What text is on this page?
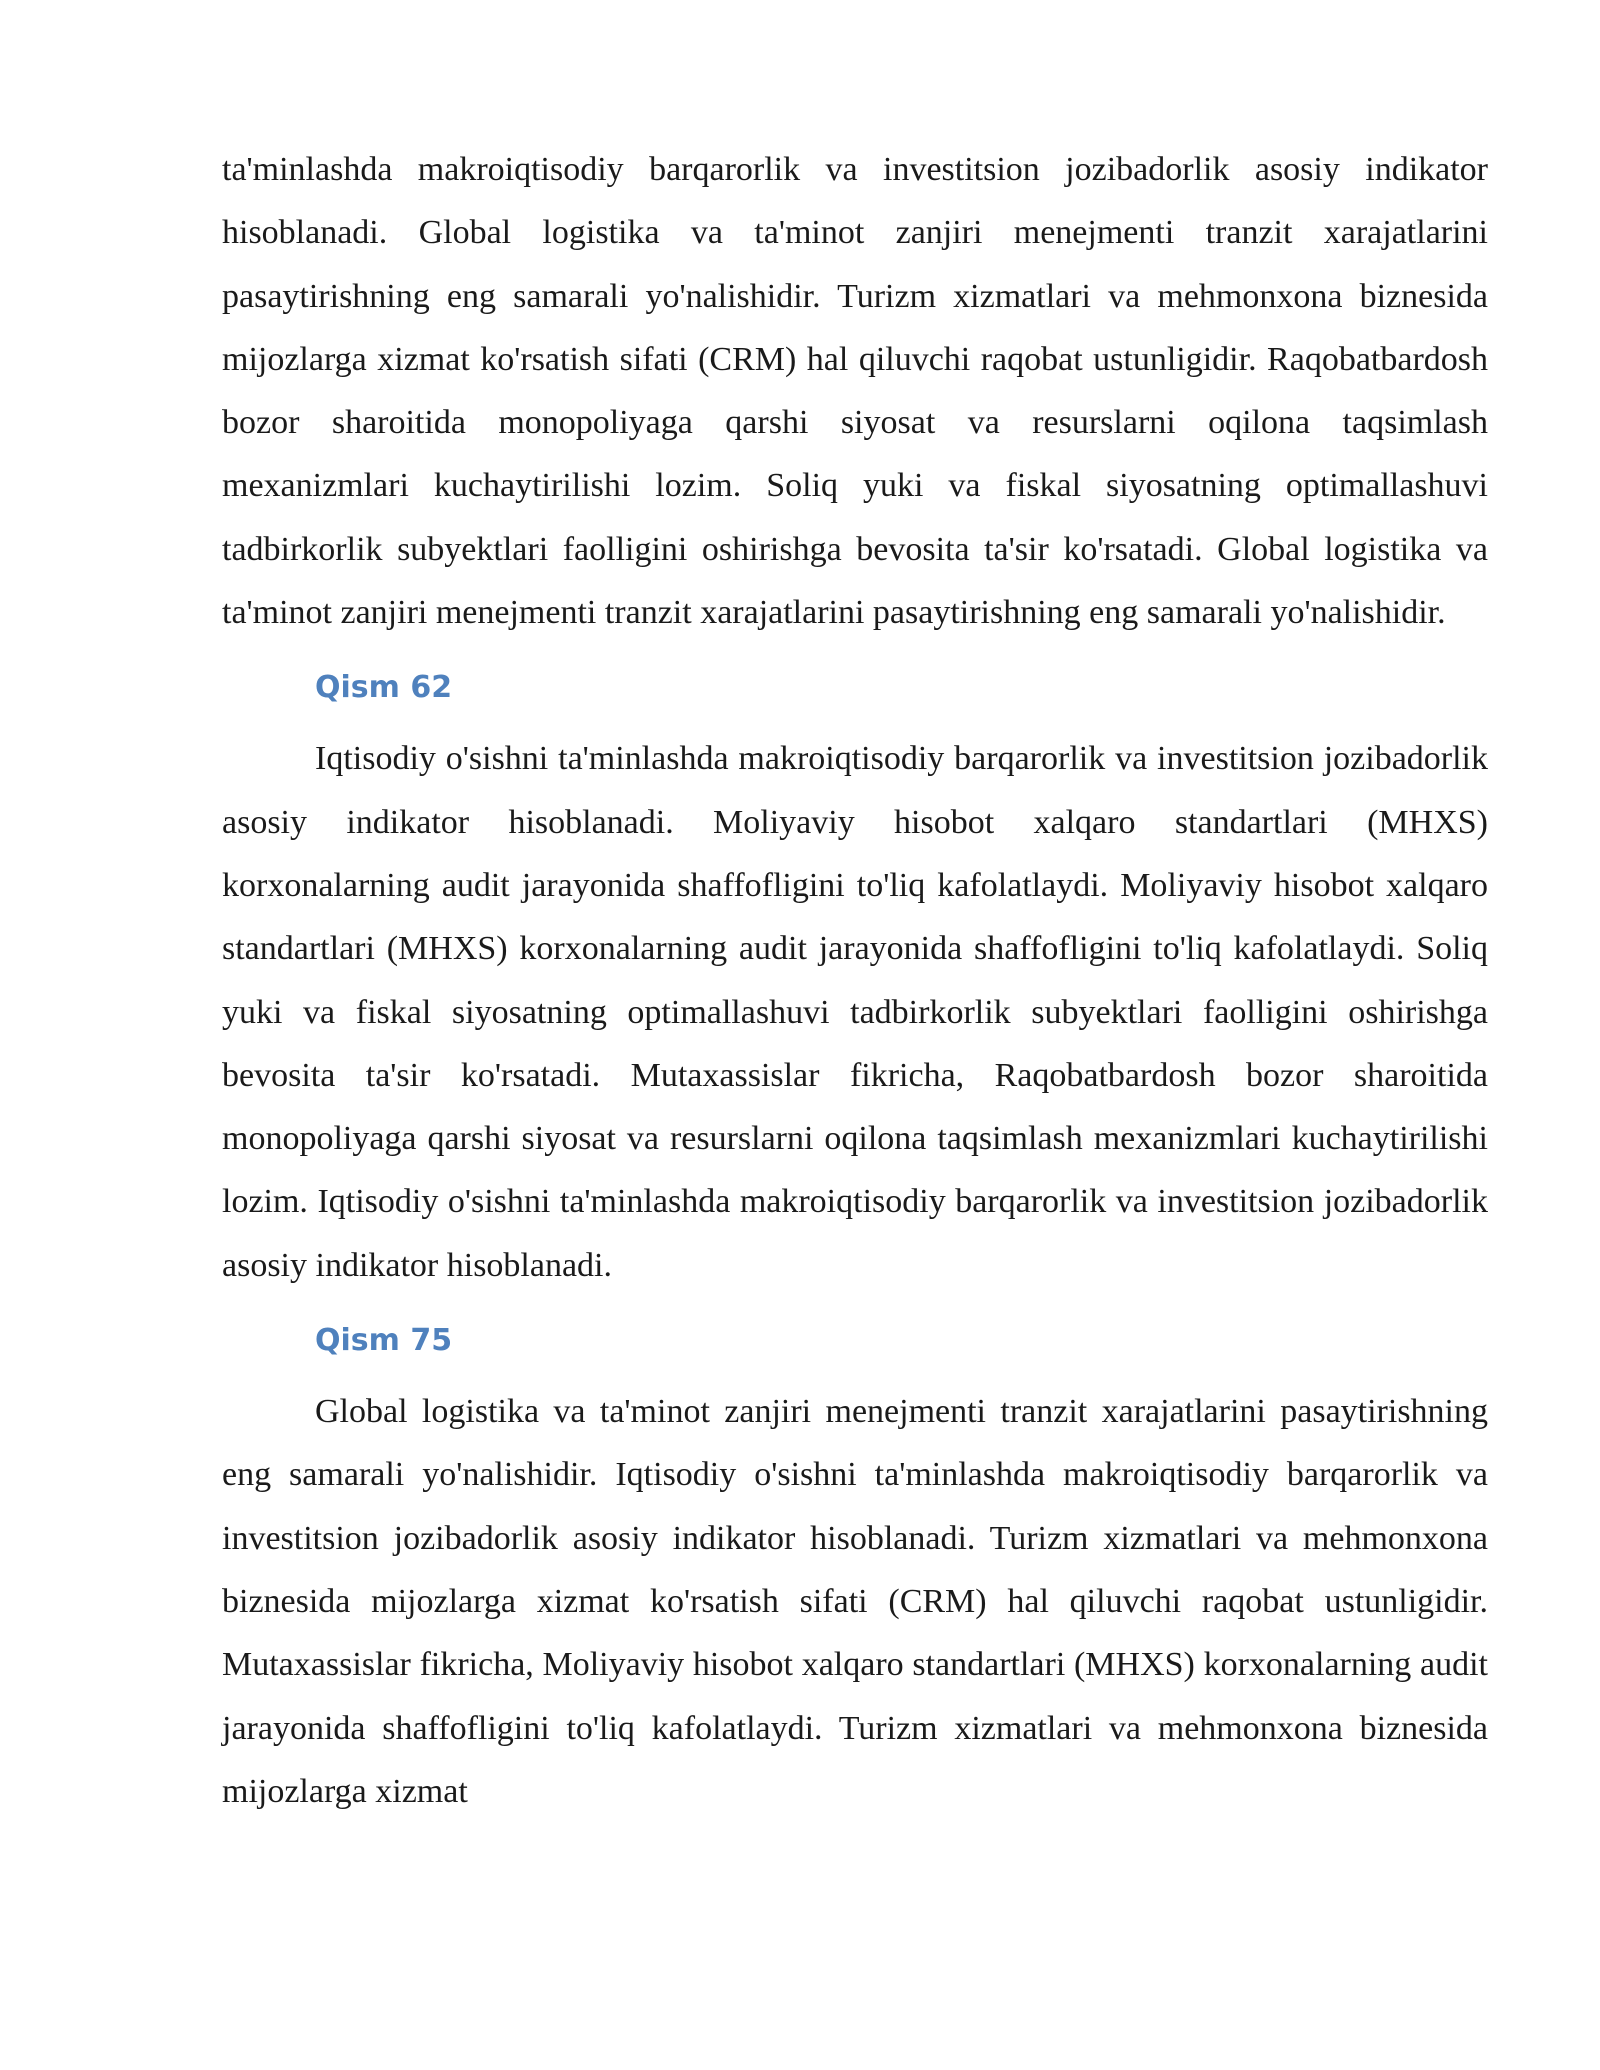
ta'minlashda makroiqtisodiy barqarorlik va investitsion jozibadorlik asosiy indikator hisoblanadi. Global logistika va ta'minot zanjiri menejmenti tranzit xarajatlarini pasaytirishning eng samarali yo'nalishidir. Turizm xizmatlari va mehmonxona biznesida mijozlarga xizmat ko'rsatish sifati (CRM) hal qiluvchi raqobat ustunligidir. Raqobatbardosh bozor sharoitida monopoliyaga qarshi siyosat va resurslarni oqilona taqsimlash mexanizmlari kuchaytirilishi lozim. Soliq yuki va fiskal siyosatning optimallashuvi tadbirkorlik subyektlari faolligini oshirishga bevosita ta'sir ko'rsatadi. Global logistika va ta'minot zanjiri menejmenti tranzit xarajatlarini pasaytirishning eng samarali yo'nalishidir.

Qism 62

Iqtisodiy o'sishni ta'minlashda makroiqtisodiy barqarorlik va investitsion jozibadorlik asosiy indikator hisoblanadi. Moliyaviy hisobot xalqaro standartlari (MHXS) korxonalarning audit jarayonida shaffofligini to'liq kafolatlaydi. Moliyaviy hisobot xalqaro standartlari (MHXS) korxonalarning audit jarayonida shaffofligini to'liq kafolatlaydi. Soliq yuki va fiskal siyosatning optimallashuvi tadbirkorlik subyektlari faolligini oshirishga bevosita ta'sir ko'rsatadi. Mutaxassislar fikricha, Raqobatbardosh bozor sharoitida monopoliyaga qarshi siyosat va resurslarni oqilona taqsimlash mexanizmlari kuchaytirilishi lozim. Iqtisodiy o'sishni ta'minlashda makroiqtisodiy barqarorlik va investitsion jozibadorlik asosiy indikator hisoblanadi.

Qism 75

Global logistika va ta'minot zanjiri menejmenti tranzit xarajatlarini pasaytirishning eng samarali yo'nalishidir. Iqtisodiy o'sishni ta'minlashda makroiqtisodiy barqarorlik va investitsion jozibadorlik asosiy indikator hisoblanadi. Turizm xizmatlari va mehmonxona biznesida mijozlarga xizmat ko'rsatish sifati (CRM) hal qiluvchi raqobat ustunligidir. Mutaxassislar fikricha, Moliyaviy hisobot xalqaro standartlari (MHXS) korxonalarning audit jarayonida shaffofligini to'liq kafolatlaydi. Turizm xizmatlari va mehmonxona biznesida mijozlarga xizmat
